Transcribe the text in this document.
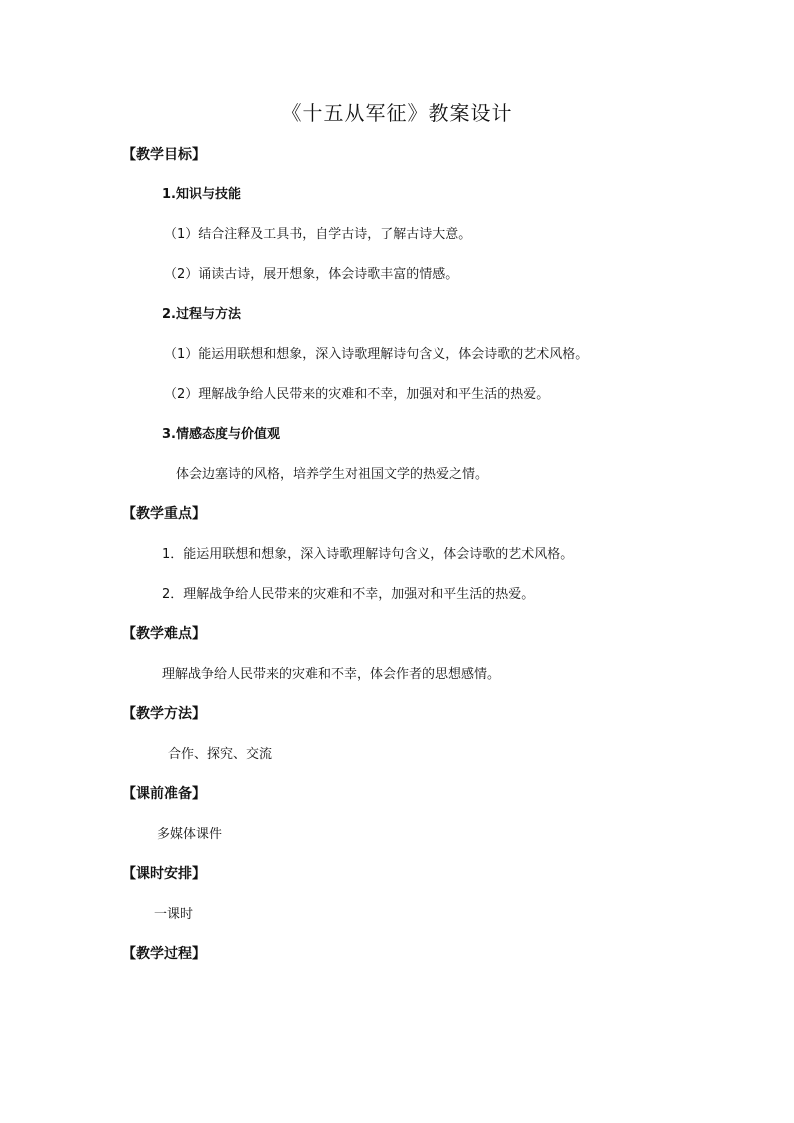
《十五从军征》教案设计
【教学目标】
1.知识与技能
（1）结合注释及工具书，自学古诗，了解古诗大意。
（2）诵读古诗，展开想象，体会诗歌丰富的情感。
2.过程与方法
（1）能运用联想和想象，深入诗歌理解诗句含义，体会诗歌的艺术风格。
（2）理解战争给人民带来的灾难和不幸，加强对和平生活的热爱。
3.情感态度与价值观
体会边塞诗的风格，培养学生对祖国文学的热爱之情。
【教学重点】
1．能运用联想和想象，深入诗歌理解诗句含义，体会诗歌的艺术风格。
2．理解战争给人民带来的灾难和不幸，加强对和平生活的热爱。
【教学难点】
理解战争给人民带来的灾难和不幸，体会作者的思想感情。
【教学方法】
合作、探究、交流
【课前准备】
多媒体课件
【课时安排】
一课时
【教学过程】
